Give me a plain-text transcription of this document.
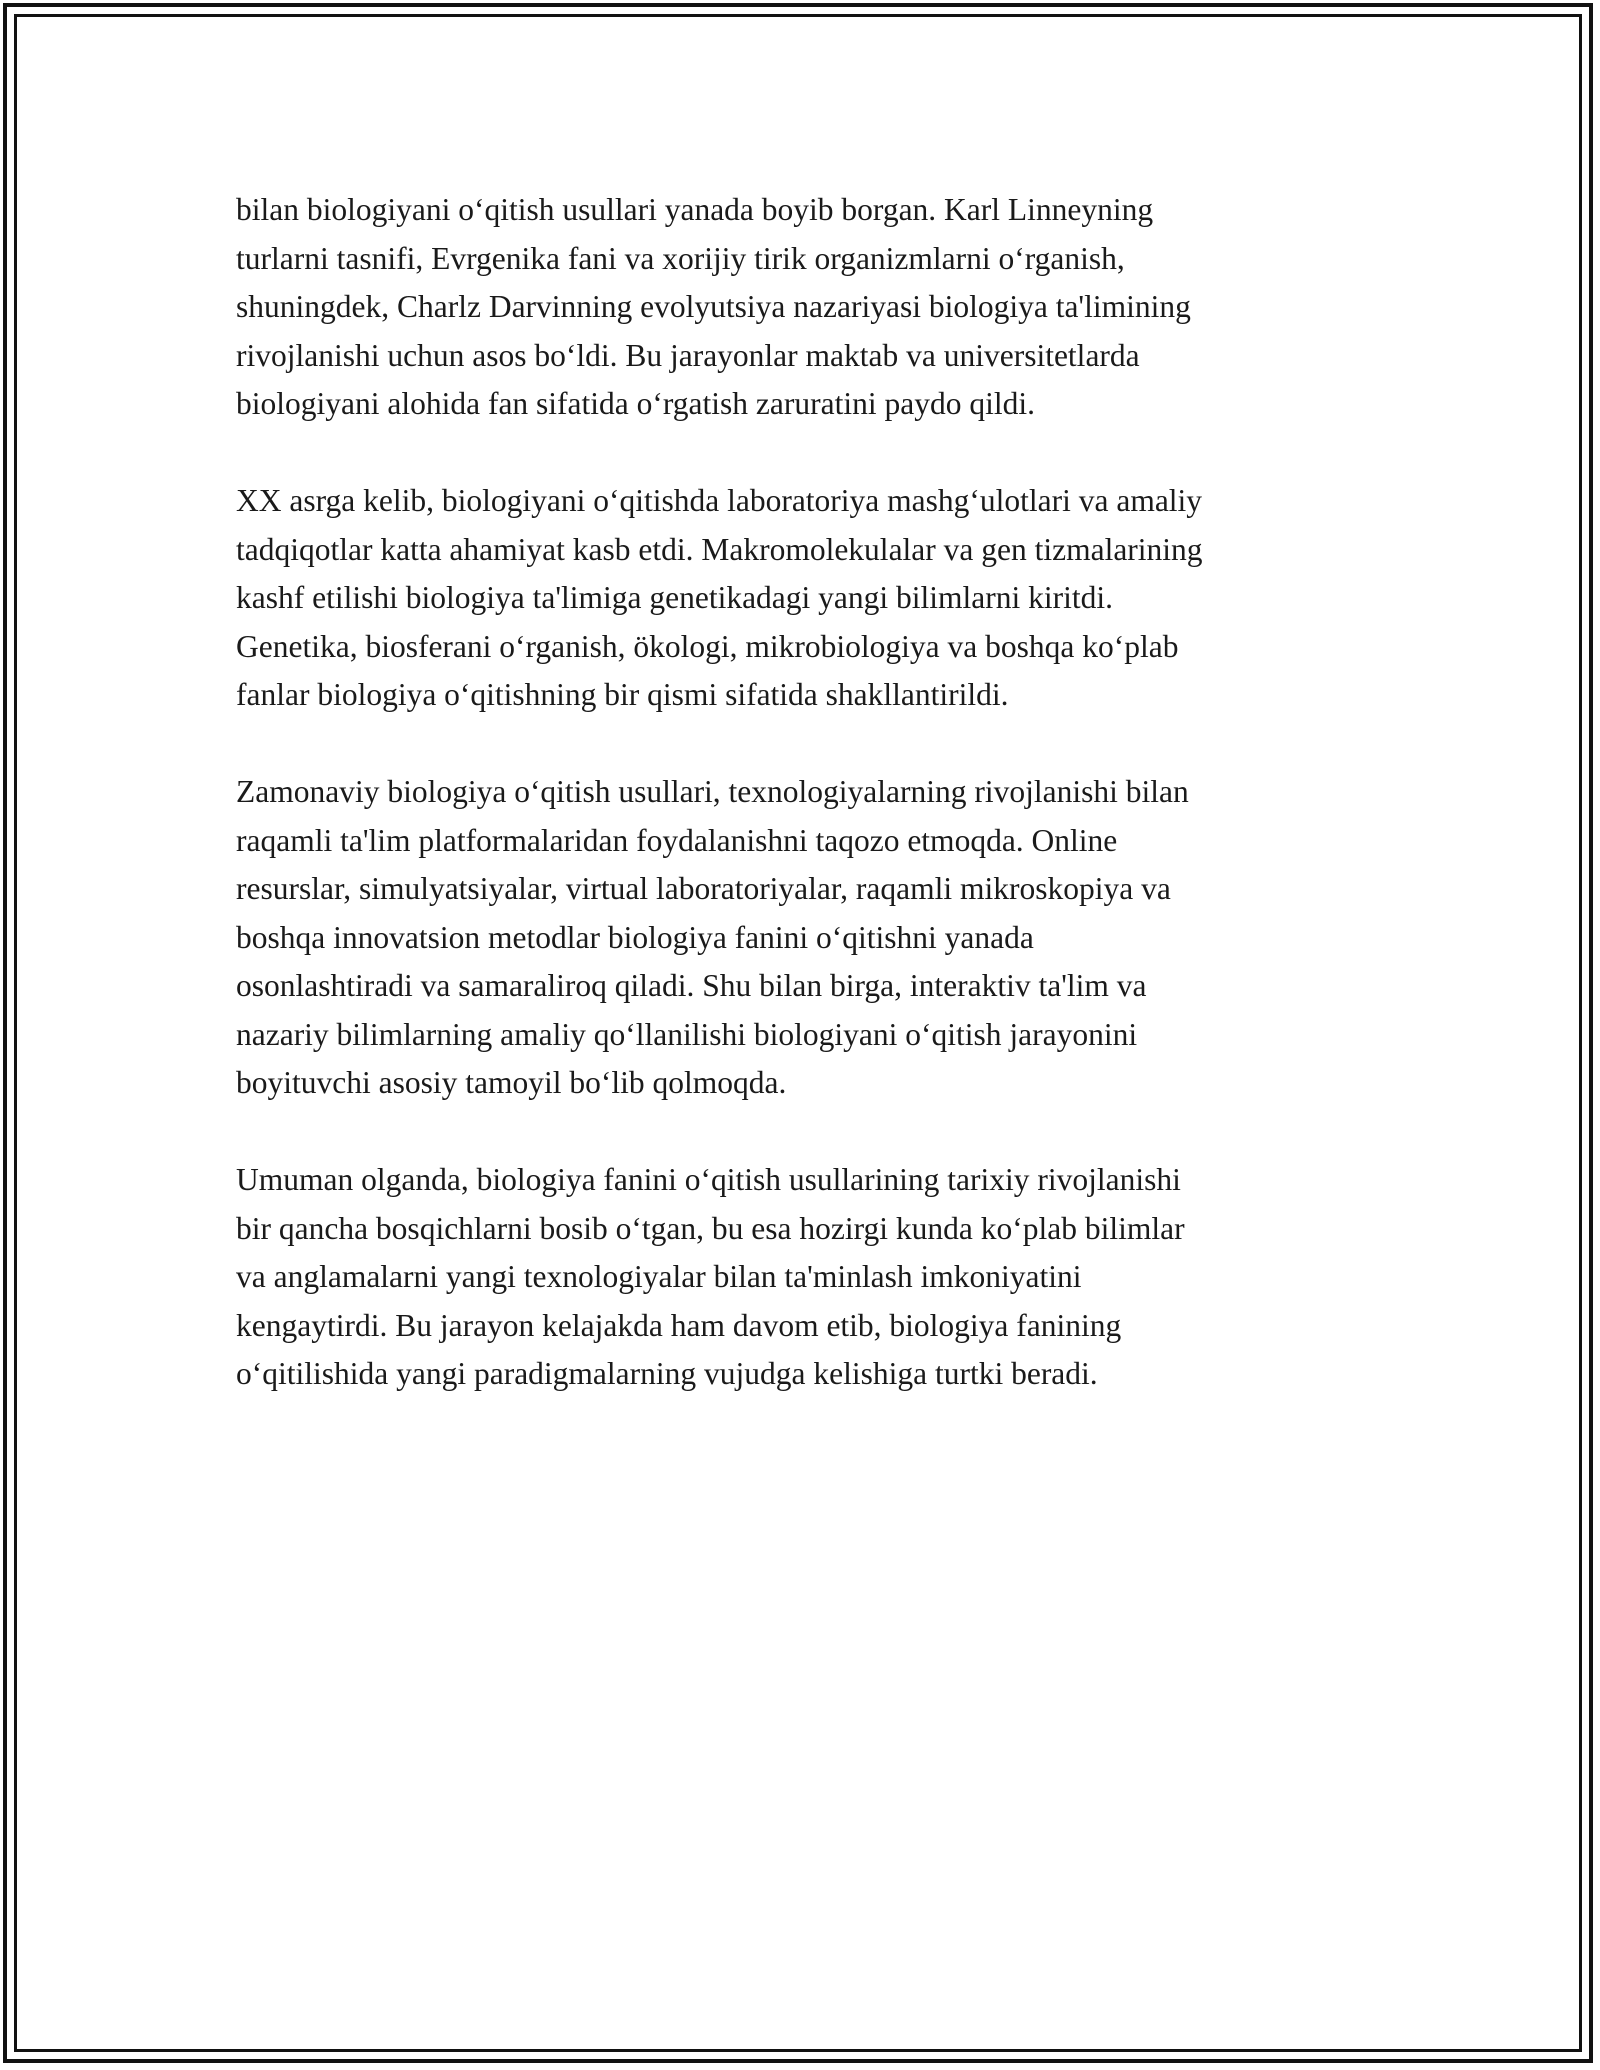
bilan biologiyani o‘qitish usullari yanada boyib borgan. Karl Linneyning
turlarni tasnifi, Evrgenika fani va xorijiy tirik organizmlarni o‘rganish,
shuningdek, Charlz Darvinning evolyutsiya nazariyasi biologiya ta'limining
rivojlanishi uchun asos bo‘ldi. Bu jarayonlar maktab va universitetlarda
biologiyani alohida fan sifatida o‘rgatish zaruratini paydo qildi.
XX asrga kelib, biologiyani o‘qitishda laboratoriya mashg‘ulotlari va amaliy
tadqiqotlar katta ahamiyat kasb etdi. Makromolekulalar va gen tizmalarining
kashf etilishi biologiya ta'limiga genetikadagi yangi bilimlarni kiritdi.
Genetika, biosferani o‘rganish, ökologi, mikrobiologiya va boshqa ko‘plab
fanlar biologiya o‘qitishning bir qismi sifatida shakllantirildi.
Zamonaviy biologiya o‘qitish usullari, texnologiyalarning rivojlanishi bilan
raqamli ta'lim platformalaridan foydalanishni taqozo etmoqda. Online
resurslar, simulyatsiyalar, virtual laboratoriyalar, raqamli mikroskopiya va
boshqa innovatsion metodlar biologiya fanini o‘qitishni yanada
osonlashtiradi va samaraliroq qiladi. Shu bilan birga, interaktiv ta'lim va
nazariy bilimlarning amaliy qo‘llanilishi biologiyani o‘qitish jarayonini
boyituvchi asosiy tamoyil bo‘lib qolmoqda.
Umuman olganda, biologiya fanini o‘qitish usullarining tarixiy rivojlanishi
bir qancha bosqichlarni bosib o‘tgan, bu esa hozirgi kunda ko‘plab bilimlar
va anglamalarni yangi texnologiyalar bilan ta'minlash imkoniyatini
kengaytirdi. Bu jarayon kelajakda ham davom etib, biologiya fanining
o‘qitilishida yangi paradigmalarning vujudga kelishiga turtki beradi.
